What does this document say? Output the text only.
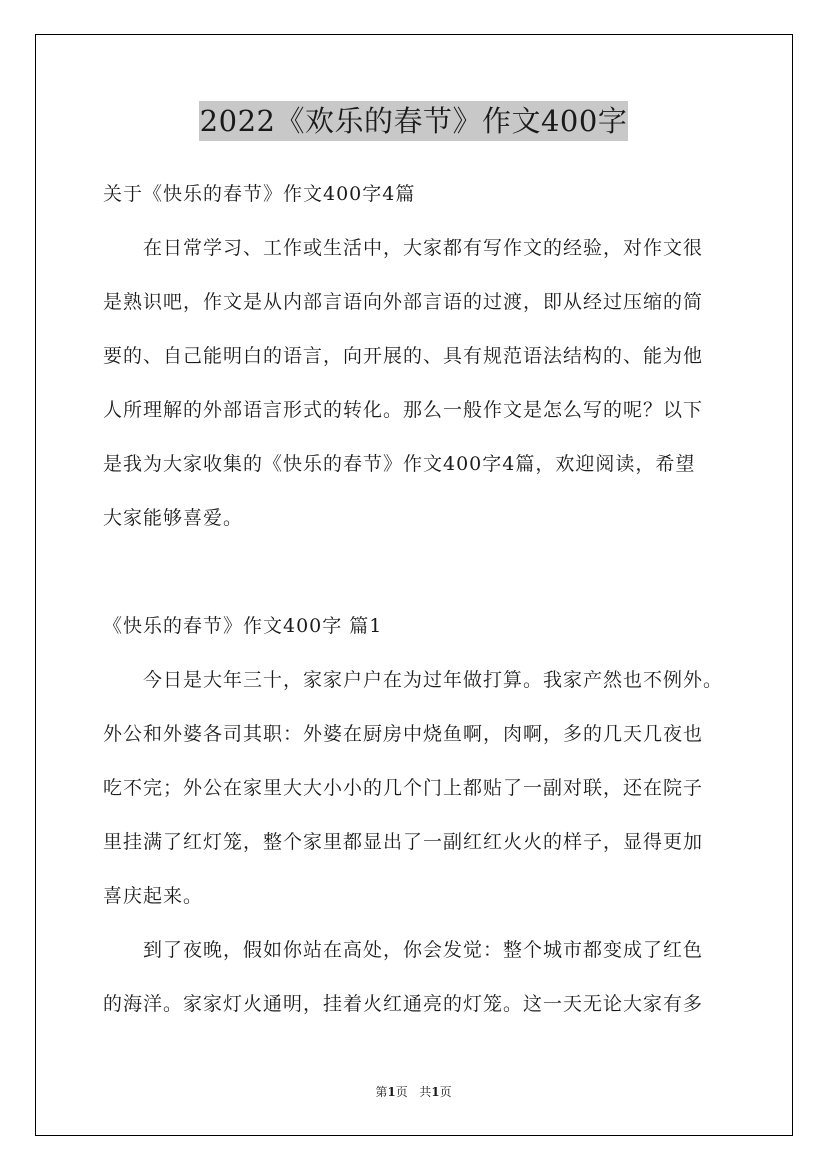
2022《欢乐的春节》作文400字
关于《快乐的春节》作文400字4篇
　　在日常学习、工作或生活中，大家都有写作文的经验，对作文很
是熟识吧，作文是从内部言语向外部言语的过渡，即从经过压缩的简
要的、自己能明白的语言，向开展的、具有规范语法结构的、能为他
人所理解的外部语言形式的转化。那么一般作文是怎么写的呢？以下
是我为大家收集的《快乐的春节》作文400字4篇，欢迎阅读，希望
大家能够喜爱。
《快乐的春节》作文400字 篇1
　　今日是大年三十，家家户户在为过年做打算。我家产然也不例外。
外公和外婆各司其职：外婆在厨房中烧鱼啊，肉啊，多的几天几夜也
吃不完；外公在家里大大小小的几个门上都贴了一副对联，还在院子
里挂满了红灯笼，整个家里都显出了一副红红火火的样子，显得更加
喜庆起来。
　　到了夜晚，假如你站在高处，你会发觉：整个城市都变成了红色
的海洋。家家灯火通明，挂着火红通亮的灯笼。这一天无论大家有多
第1页 共1页
